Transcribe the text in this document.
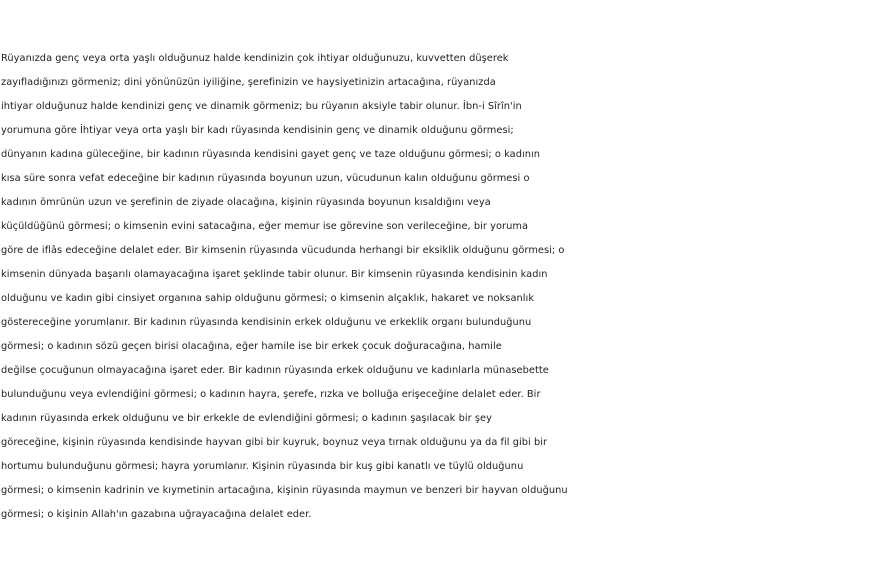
Rüyanızda genç veya orta yaşlı olduğunuz halde kendinizin çok ihtiyar olduğunuzu, kuvvetten düşerek
zayıfladığınızı görmeniz; dini yönünüzün iyiliğine, şerefinizin ve haysiyetinizin artacağına, rüyanızda
ihtiyar olduğunuz halde kendinizi genç ve dinamik görmeniz; bu rüyanın aksiyle tabir olunur. İbn-i Sîrîn'in
yorumuna göre İhtiyar veya orta yaşlı bir kadı rüyasında kendisinin genç ve dinamik olduğunu görmesi;
dünyanın kadına güleceğine, bir kadının rüyasında kendisini gayet genç ve taze olduğunu görmesi; o kadının
kısa süre sonra vefat edeceğine bir kadının rüyasında boyunun uzun, vücudunun kalın olduğunu görmesi o
kadının ömrünün uzun ve şerefinin de ziyade olacağına, kişinin rüyasında boyunun kısaldığını veya
küçüldüğünü görmesi; o kimsenin evini satacağına, eğer memur ise görevine son verileceğine, bir yoruma
göre de iflâs edeceğine delalet eder. Bir kimsenin rüyasında vücudunda herhangi bir eksiklik olduğunu görmesi; o
kimsenin dünyada başarılı olamayacağına işaret şeklinde tabir olunur. Bir kimsenin rüyasında kendisinin kadın
olduğunu ve kadın gibi cinsiyet organına sahip olduğunu görmesi; o kimsenin alçaklık, hakaret ve noksanlık
göstereceğine yorumlanır. Bir kadının rüyasında kendisinin erkek olduğunu ve erkeklik organı bulunduğunu
görmesi; o kadının sözü geçen birisi olacağına, eğer hamile ise bir erkek çocuk doğuracağına, hamile
değilse çocuğunun olmayacağına işaret eder. Bir kadının rüyasında erkek olduğunu ve kadınlarla münasebette
bulunduğunu veya evlendiğini görmesi; o kadının hayra, şerefe, rızka ve bolluğa erişeceğine delalet eder. Bir
kadının rüyasında erkek olduğunu ve bir erkekle de evlendiğini görmesi; o kadının şaşılacak bir şey
göreceğine, kişinin rüyasında kendisinde hayvan gibi bir kuyruk, boynuz veya tırnak olduğunu ya da fil gibi bir
hortumu bulunduğunu görmesi; hayra yorumlanır. Kişinin rüyasında bir kuş gibi kanatlı ve tüylü olduğunu
görmesi; o kimsenin kadrinin ve kıymetinin artacağına, kişinin rüyasında maymun ve benzeri bir hayvan olduğunu
görmesi; o kişinin Allah'ın gazabına uğrayacağına delalet eder.
